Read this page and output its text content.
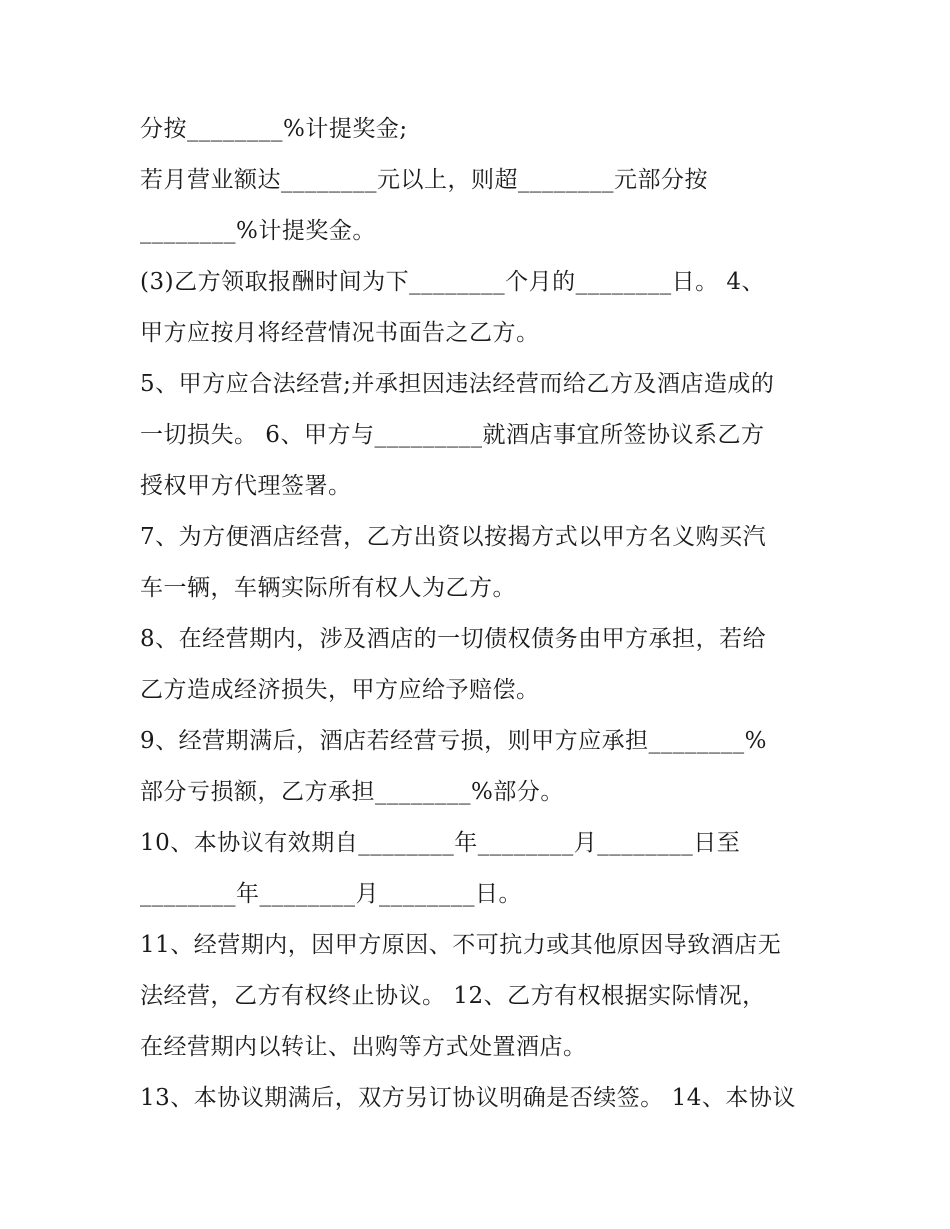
分按________%计提奖金;
若月营业额达________元以上，则超________元部分按
________%计提奖金。
(3)乙方领取报酬时间为下________个月的________日。 4、
甲方应按月将经营情况书面告之乙方。
5、甲方应合法经营;并承担因违法经营而给乙方及酒店造成的
一切损失。 6、甲方与_________就酒店事宜所签协议系乙方
授权甲方代理签署。
7、为方便酒店经营，乙方出资以按揭方式以甲方名义购买汽
车一辆，车辆实际所有权人为乙方。
8、在经营期内，涉及酒店的一切债权债务由甲方承担，若给
乙方造成经济损失，甲方应给予赔偿。
9、经营期满后，酒店若经营亏损，则甲方应承担________%
部分亏损额，乙方承担________%部分。
10、本协议有效期自________年________月________日至
________年________月________日。
11、经营期内，因甲方原因、不可抗力或其他原因导致酒店无
法经营，乙方有权终止协议。 12、乙方有权根据实际情况，
在经营期内以转让、出购等方式处置酒店。
13、本协议期满后，双方另订协议明确是否续签。 14、本协议
